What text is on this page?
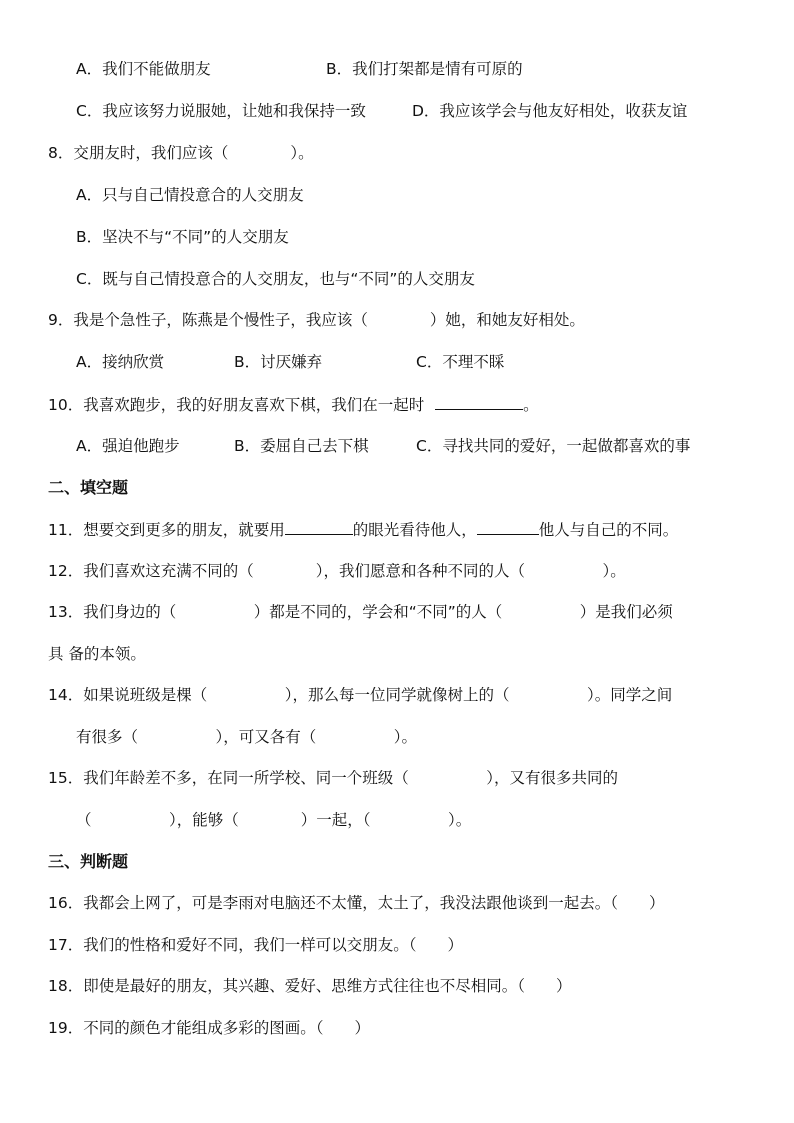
A．我们不能做朋友	B．我们打架都是情有可原的
C．我应该努力说服她，让她和我保持一致	D．我应该学会与他友好相处，收获友谊
8．交朋友时，我们应该（　　　　）。
A．只与自己情投意合的人交朋友
B．坚决不与“不同”的人交朋友
C．既与自己情投意合的人交朋友，也与“不同”的人交朋友
9．我是个急性子，陈燕是个慢性子，我应该（　　　　）她，和她友好相处。
A．接纳欣赏	B．讨厌嫌弃	C．不理不睬
10．我喜欢跑步，我的好朋友喜欢下棋，我们在一起时	。
A．强迫他跑步	B．委屈自己去下棋	C．寻找共同的爱好，一起做都喜欢的事
二、填空题
11．想要交到更多的朋友，就要用	的眼光看待他人，	他人与自己的不同。
12．我们喜欢这充满不同的（　　　　），我们愿意和各种不同的人（　　　　　）。
13．我们身边的（　　　　　）都是不同的，学会和“不同”的人（　　　　　）是我们必须
具 备的本领。
14．如果说班级是棵（　　　　　），那么每一位同学就像树上的（　　　　　）。同学之间
有很多（　　　　　），可又各有（　　　　　）。
15．我们年龄差不多，在同一所学校、同一个班级（　　　　　），又有很多共同的
（　　　　　），能够（　　　　）一起，（　　　　　）。
三、判断题
16．我都会上网了，可是李雨对电脑还不太懂，太土了，我没法跟他谈到一起去。（　　）
17．我们的性格和爱好不同，我们一样可以交朋友。（　　）
18．即使是最好的朋友，其兴趣、爱好、思维方式往往也不尽相同。（　　）
19．不同的颜色才能组成多彩的图画。（　　）
